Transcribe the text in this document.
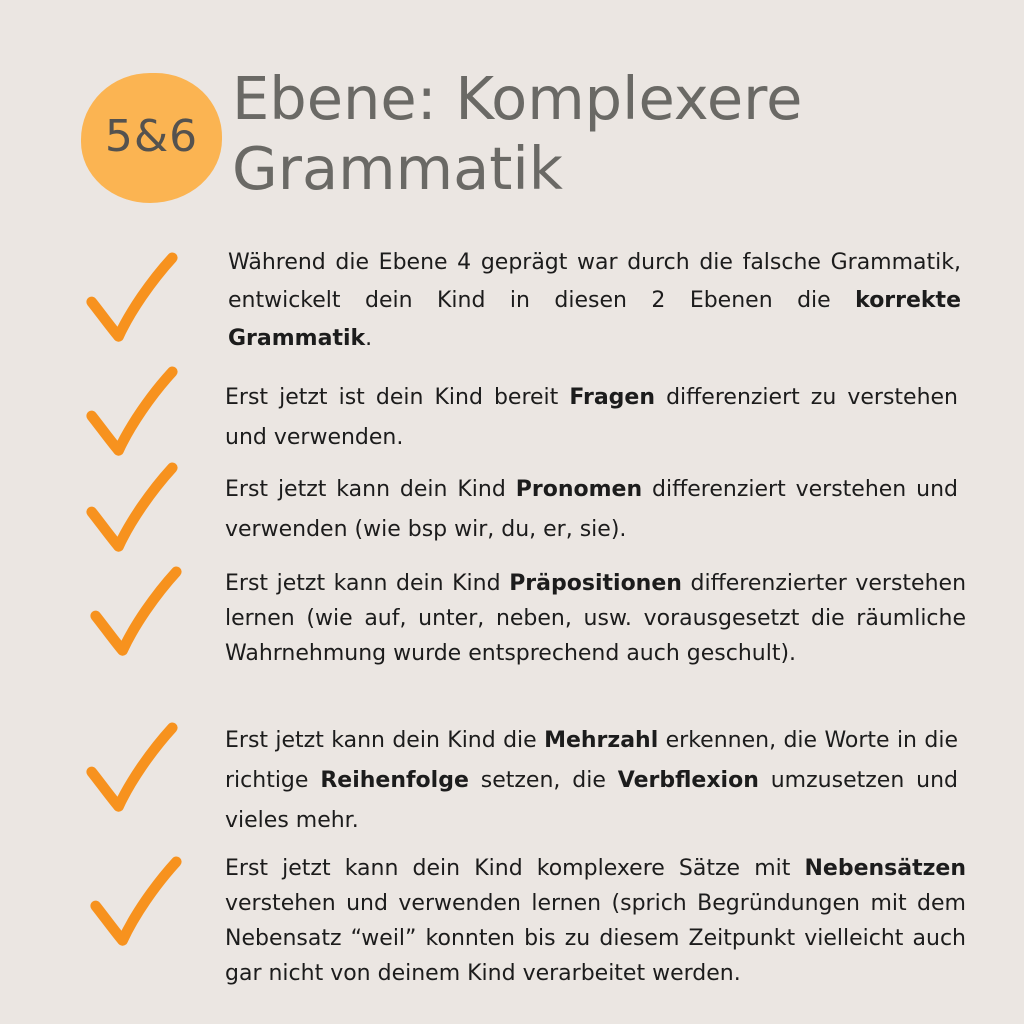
5&6
Ebene: Komplexere
Grammatik

Während die Ebene 4 geprägt war durch die falsche Grammatik, entwickelt dein Kind in diesen 2 Ebenen die korrekte Grammatik.

Erst jetzt ist dein Kind bereit Fragen differenziert zu verstehen und verwenden.

Erst jetzt kann dein Kind Pronomen differenziert verstehen und verwenden (wie bsp wir, du, er, sie).

Erst jetzt kann dein Kind Präpositionen differenzierter verstehen lernen (wie auf, unter, neben, usw. vorausgesetzt die räumliche Wahrnehmung wurde entsprechend auch geschult).

Erst jetzt kann dein Kind die Mehrzahl erkennen, die Worte in die richtige Reihenfolge setzen, die Verbflexion umzusetzen und vieles mehr.

Erst jetzt kann dein Kind komplexere Sätze mit Nebensätzen verstehen und verwenden lernen (sprich Begründungen mit dem Nebensatz “weil” konnten bis zu diesem Zeitpunkt vielleicht auch gar nicht von deinem Kind verarbeitet werden.
